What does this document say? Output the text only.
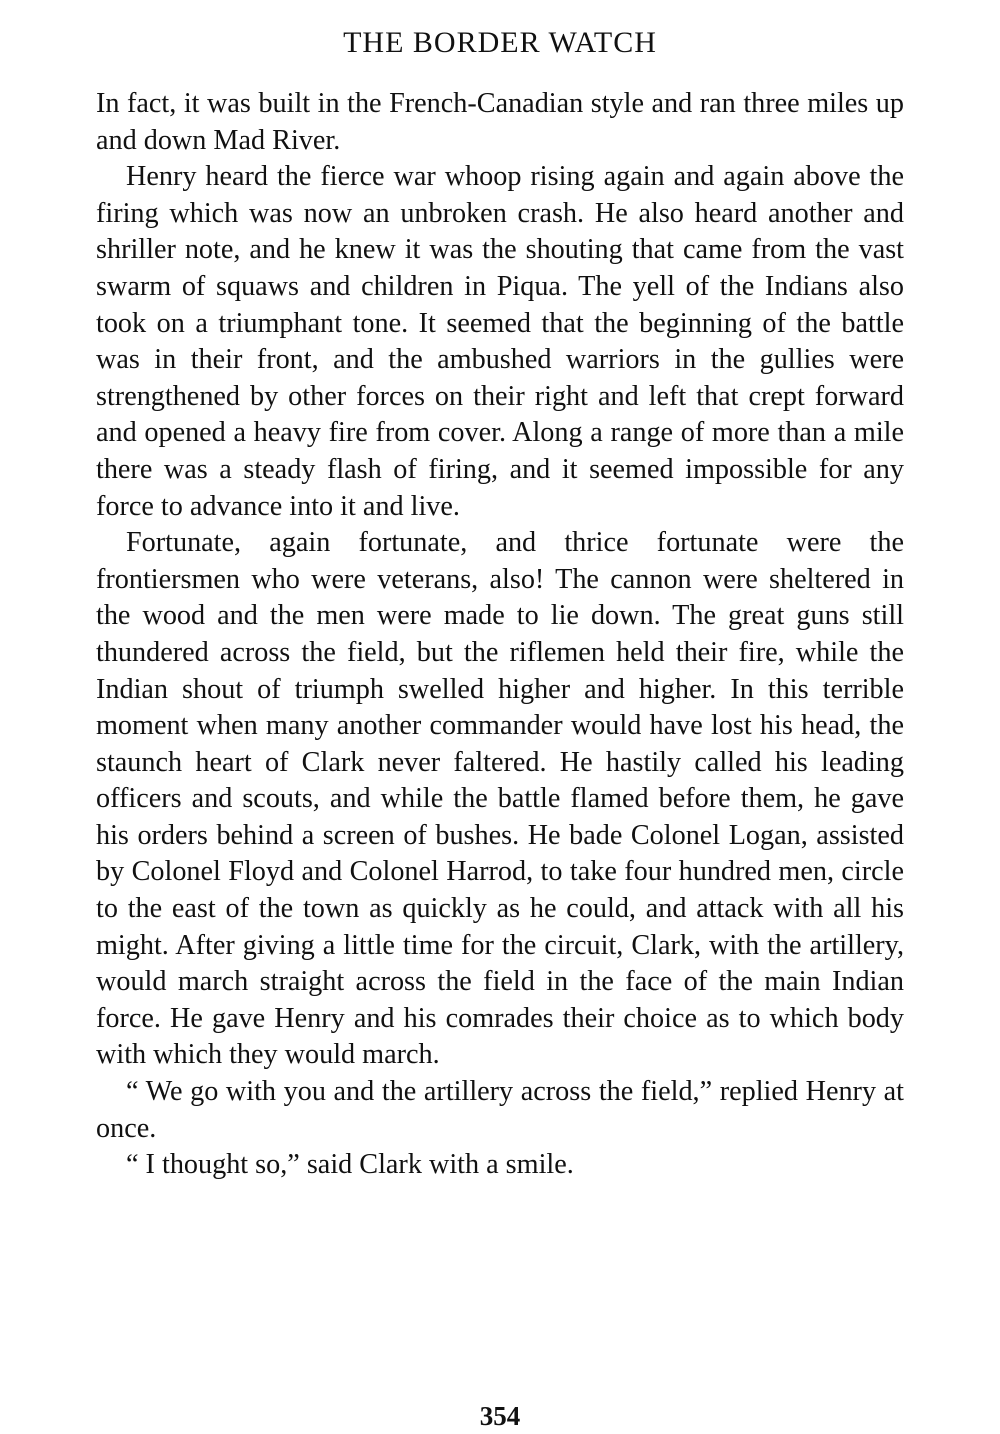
THE BORDER WATCH

In fact, it was built in the French-Canadian style and ran three miles up and down Mad River.

Henry heard the fierce war whoop rising again and again above the firing which was now an unbroken crash. He also heard another and shriller note, and he knew it was the shouting that came from the vast swarm of squaws and children in Piqua. The yell of the Indians also took on a triumphant tone. It seemed that the beginning of the battle was in their front, and the ambushed warriors in the gullies were strengthened by other forces on their right and left that crept forward and opened a heavy fire from cover. Along a range of more than a mile there was a steady flash of firing, and it seemed impossible for any force to advance into it and live.

Fortunate, again fortunate, and thrice fortunate were the frontiersmen who were veterans, also! The cannon were sheltered in the wood and the men were made to lie down. The great guns still thundered across the field, but the riflemen held their fire, while the Indian shout of triumph swelled higher and higher. In this terrible moment when many another commander would have lost his head, the staunch heart of Clark never faltered. He hastily called his leading officers and scouts, and while the battle flamed before them, he gave his orders behind a screen of bushes. He bade Colonel Logan, assisted by Colonel Floyd and Colonel Harrod, to take four hundred men, circle to the east of the town as quickly as he could, and attack with all his might. After giving a little time for the circuit, Clark, with the artillery, would march straight across the field in the face of the main Indian force. He gave Henry and his comrades their choice as to which body with which they would march.

“ We go with you and the artillery across the field,” replied Henry at once.

“ I thought so,” said Clark with a smile.

354
